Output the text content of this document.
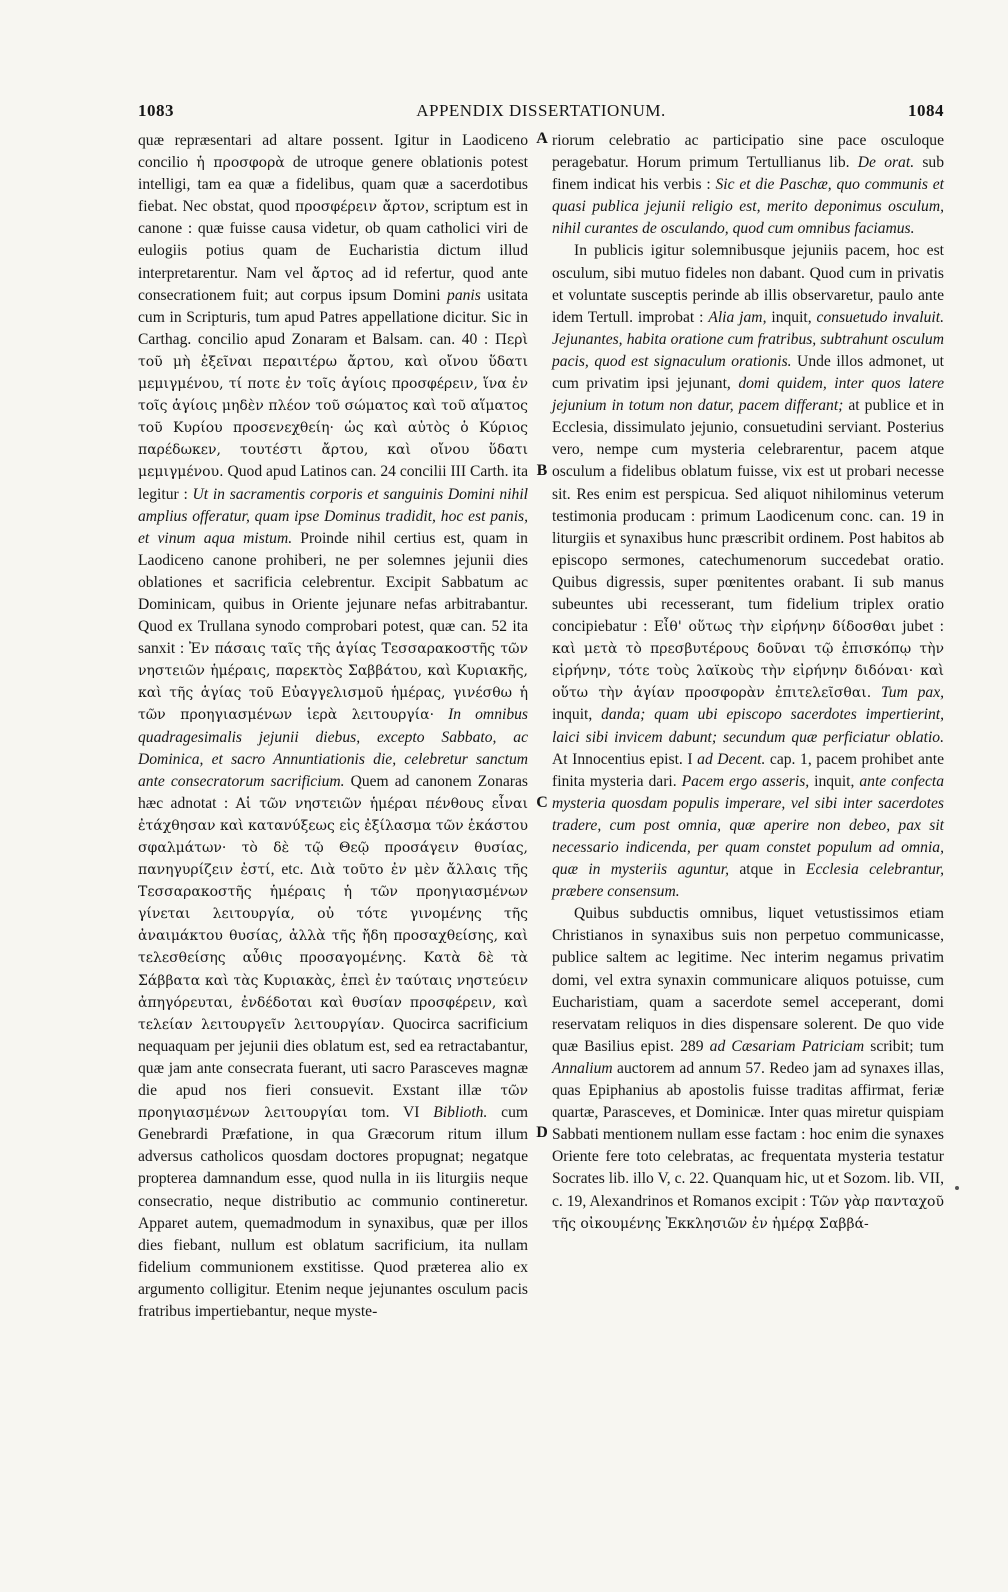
1083	APPENDIX DISSERTATIONUM.	1084
A
B
C
D

quæ repræsentari ad altare possent. Igitur in Laodiceno concilio ἡ προσφορὰ de utroque genere oblationis potest intelligi, tam ea quæ a fidelibus, quam quæ a sacerdotibus fiebat. Nec obstat, quod προσφέρειν ἄρτον, scriptum est in canone : quæ fuisse causa videtur, ob quam catholici viri de eulogiis potius quam de Eucharistia dictum illud interpretarentur. Nam vel ἄρτος ad id refertur, quod ante consecrationem fuit; aut corpus ipsum Domini panis usitata cum in Scripturis, tum apud Patres appellatione dicitur. Sic in Carthag. concilio apud Zonaram et Balsam. can. 40 : Περὶ τοῦ μὴ ἐξεῖναι περαιτέρω ἄρτου, καὶ οἴνου ὕδατι μεμιγμένου, τί ποτε ἐν τοῖς ἁγίοις προσφέρειν, ἵνα ἐν τοῖς ἁγίοις μηδὲν πλέον τοῦ σώματος καὶ τοῦ αἵματος τοῦ Κυρίου προσενεχθείη· ὡς καὶ αὐτὸς ὁ Κύριος παρέδωκεν, τουτέστι ἄρτου, καὶ οἴνου ὕδατι μεμιγμένου. Quod apud Latinos can. 24 concilii III Carth. ita legitur : Ut in sacramentis corporis et sanguinis Domini nihil amplius offeratur, quam ipse Dominus tradidit, hoc est panis, et vinum aqua mistum. Proinde nihil certius est, quam in Laodiceno canone prohiberi, ne per solemnes jejunii dies oblationes et sacrificia celebrentur. Excipit Sabbatum ac Dominicam, quibus in Oriente jejunare nefas arbitrabantur. Quod ex Trullana synodo comprobari potest, quæ can. 52 ita sanxit : Ἐν πάσαις ταῖς τῆς ἁγίας Τεσσαρακοστῆς τῶν νηστειῶν ἡμέραις, παρεκτὸς Σαββάτου, καὶ Κυριακῆς, καὶ τῆς ἁγίας τοῦ Εὐαγγελισμοῦ ἡμέρας, γινέσθω ἡ τῶν προηγιασμένων ἱερὰ λειτουργία· In omnibus quadragesimalis jejunii diebus, excepto Sabbato, ac Dominica, et sacro Annuntiationis die, celebretur sanctum ante consecratorum sacrificium. Quem ad canonem Zonaras hæc adnotat : Αἱ τῶν νηστειῶν ἡμέραι πένθους εἶναι ἐτάχθησαν καὶ κατανύξεως εἰς ἐξίλασμα τῶν ἑκάστου σφαλμάτων· τὸ δὲ τῷ Θεῷ προσάγειν θυσίας, πανηγυρίζειν ἐστί, etc. Διὰ τοῦτο ἐν μὲν ἄλλαις τῆς Τεσσαρακοστῆς ἡμέραις ἡ τῶν προηγιασμένων γίνεται λειτουργία, οὐ τότε γινομένης τῆς ἀναιμάκτου θυσίας, ἀλλὰ τῆς ἤδη προσαχθείσης, καὶ τελεσθείσης αὖθις προσαγομένης. Κατὰ δὲ τὰ Σάββατα καὶ τὰς Κυριακὰς, ἐπεὶ ἐν ταύταις νηστεύειν ἀπηγόρευται, ἐνδέδοται καὶ θυσίαν προσφέρειν, καὶ τελείαν λειτουργεῖν λειτουργίαν. Quocirca sacrificium nequaquam per jejunii dies oblatum est, sed ea retractabantur, quæ jam ante consecrata fuerant, uti sacro Parasceves magnæ die apud nos fieri consuevit. Exstant illæ τῶν προηγιασμένων λειτουργίαι tom. VI Biblioth. cum Genebrardi Præfatione, in qua Græcorum ritum illum adversus catholicos quosdam doctores propugnat; negatque propterea damnandum esse, quod nulla in iis liturgiis neque consecratio, neque distributio ac communio contineretur. Apparet autem, quemadmodum in synaxibus, quæ per illos dies fiebant, nullum est oblatum sacrificium, ita nullam fidelium communionem exstitisse. Quod præterea alio ex argumento colligitur. Etenim neque jejunantes osculum pacis fratribus impertiebantur, neque myste-

riorum celebratio ac participatio sine pace osculoque peragebatur. Horum primum Tertullianus lib. De orat. sub finem indicat his verbis : Sic et die Paschæ, quo communis et quasi publica jejunii religio est, merito deponimus osculum, nihil curantes de osculando, quod cum omnibus faciamus.

In publicis igitur solemnibusque jejuniis pacem, hoc est osculum, sibi mutuo fideles non dabant. Quod cum in privatis et voluntate susceptis perinde ab illis observaretur, paulo ante idem Tertull. improbat : Alia jam, inquit, consuetudo invaluit. Jejunantes, habita oratione cum fratribus, subtrahunt osculum pacis, quod est signaculum orationis. Unde illos admonet, ut cum privatim ipsi jejunant, domi quidem, inter quos latere jejunium in totum non datur, pacem differant; at publice et in Ecclesia, dissimulato jejunio, consuetudini serviant. Posterius vero, nempe cum mysteria celebrarentur, pacem atque osculum a fidelibus oblatum fuisse, vix est ut probari necesse sit. Res enim est perspicua. Sed aliquot nihilominus veterum testimonia producam : primum Laodicenum conc. can. 19 in liturgiis et synaxibus hunc præscribit ordinem. Post habitos ab episcopo sermones, catechumenorum succedebat oratio. Quibus digressis, super pœnitentes orabant. Ii sub manus subeuntes ubi recesserant, tum fidelium triplex oratio concipiebatur : Εἶθ' οὕτως τὴν εἰρήνην δίδοσθαι jubet : καὶ μετὰ τὸ πρεσβυτέρους δοῦναι τῷ ἐπισκόπῳ τὴν εἰρήνην, τότε τοὺς λαϊκοὺς τὴν εἰρήνην διδόναι· καὶ οὕτω τὴν ἁγίαν προσφορὰν ἐπιτελεῖσθαι. Tum pax, inquit, danda; quam ubi episcopo sacerdotes impertierint, laici sibi invicem dabunt; secundum quæ perficiatur oblatio. At Innocentius epist. I ad Decent. cap. 1, pacem prohibet ante finita mysteria dari. Pacem ergo asseris, inquit, ante confecta mysteria quosdam populis imperare, vel sibi inter sacerdotes tradere, cum post omnia, quæ aperire non debeo, pax sit necessario indicenda, per quam constet populum ad omnia, quæ in mysteriis aguntur, atque in Ecclesia celebrantur, præbere consensum.

Quibus subductis omnibus, liquet vetustissimos etiam Christianos in synaxibus suis non perpetuo communicasse, publice saltem ac legitime. Nec interim negamus privatim domi, vel extra synaxin communicare aliquos potuisse, cum Eucharistiam, quam a sacerdote semel acceperant, domi reservatam reliquos in dies dispensare solerent. De quo vide quæ Basilius epist. 289 ad Cæsariam Patriciam scribit; tum Annalium auctorem ad annum 57. Redeo jam ad synaxes illas, quas Epiphanius ab apostolis fuisse traditas affirmat, feriæ quartæ, Parasceves, et Dominicæ. Inter quas miretur quispiam Sabbati mentionem nullam esse factam : hoc enim die synaxes Oriente fere toto celebratas, ac frequentata mysteria testatur Socrates lib. illo V, c. 22. Quanquam hic, ut et Sozom. lib. VII, c. 19, Alexandrinos et Romanos excipit : Τῶν γὰρ πανταχοῦ τῆς οἰκουμένης Ἐκκλησιῶν ἐν ἡμέρᾳ Σαββά-
